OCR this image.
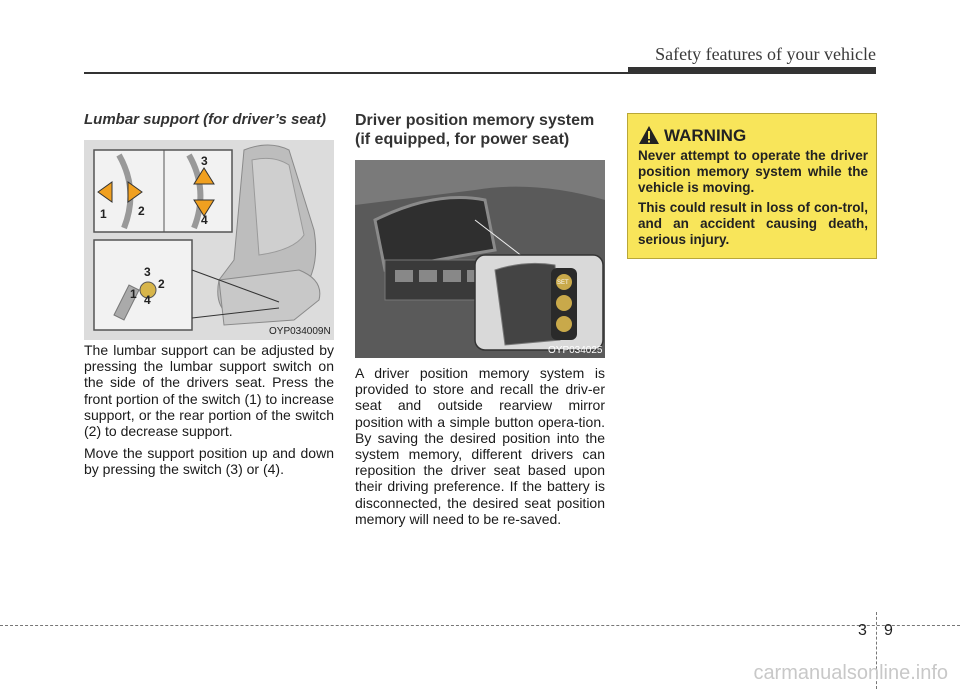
Safety features of your vehicle
Lumbar support (for driver’s seat)
1	2
3
4
3
2
1 4
OYP034009N

The lumbar support can be adjusted by pressing the lumbar support switch on the side of the drivers seat. Press the front portion of the switch (1) to increase support, or the rear portion of the switch (2) to decrease support.

Move the support position up and down by pressing the switch (3) or (4).

Driver position memory system (if equipped, for power seat)
SET
OYP034025

A driver position memory system is provided to store and recall the driv-er seat and outside rearview mirror position with a simple button opera-tion. By saving the desired position into the system memory, different drivers can reposition the driver seat based upon their driving preference. If the battery is disconnected, the desired seat position memory will need to be re-saved.

WARNING

Never attempt to operate the driver position memory system while the vehicle is moving.

This could result in loss of con-trol, and an accident causing death, serious injury.

3 9
carmanualsonline.info
